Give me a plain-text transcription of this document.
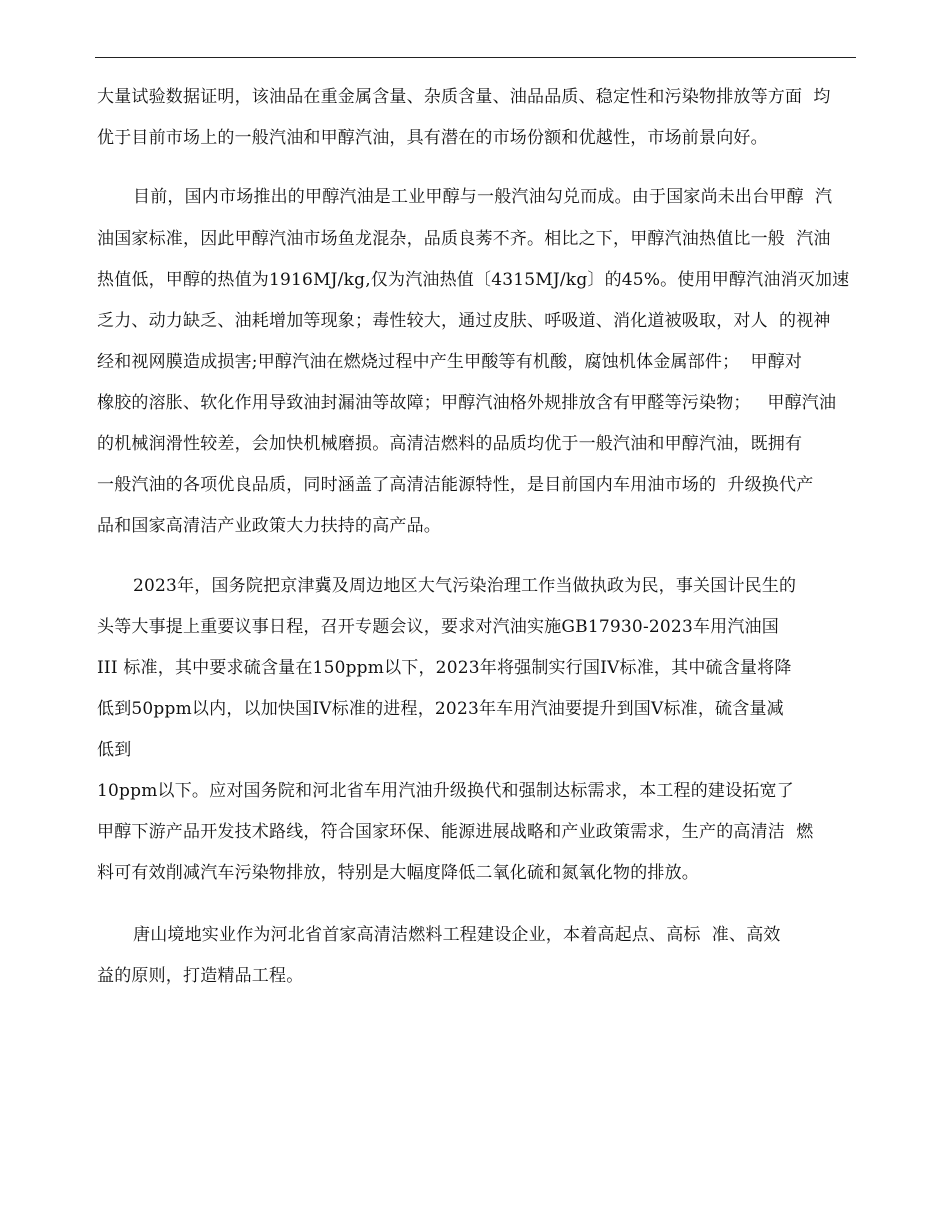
大量试验数据证明，该油品在重金属含量、杂质含量、油品品质、稳定性和污染物排放等方面  均
优于目前市场上的一般汽油和甲醇汽油，具有潜在的市场份额和优越性，市场前景向好。
目前，国内市场推出的甲醇汽油是工业甲醇与一般汽油勾兑而成。由于国家尚未出台甲醇  汽
油国家标准，因此甲醇汽油市场鱼龙混杂，品质良莠不齐。相比之下，甲醇汽油热值比一般  汽油
热值低，甲醇的热值为1916MJ/kg,仅为汽油热值〔4315MJ/kg〕的45%。使用甲醇汽油消灭加速
乏力、动力缺乏、油耗增加等现象；毒性较大，通过皮肤、呼吸道、消化道被吸取，对人  的视神
经和视网膜造成损害;甲醇汽油在燃烧过程中产生甲酸等有机酸，腐蚀机体金属部件；  甲醇对
橡胶的溶胀、软化作用导致油封漏油等故障；甲醇汽油格外规排放含有甲醛等污染物；   甲醇汽油
的机械润滑性较差，会加快机械磨损。高清洁燃料的品质均优于一般汽油和甲醇汽油，既拥有
一般汽油的各项优良品质，同时涵盖了高清洁能源特性，是目前国内车用油市场的  升级换代产
品和国家高清洁产业政策大力扶持的高产品。
2023年，国务院把京津冀及周边地区大气污染治理工作当做执政为民，事关国计民生的
头等大事提上重要议事日程，召开专题会议，要求对汽油实施GB17930-2023车用汽油国
III 标准，其中要求硫含量在150ppm以下，2023年将强制实行国IV标准，其中硫含量将降
低到50ppm以内，以加快国IV标准的进程，2023年车用汽油要提升到国V标准，硫含量减
低到
10ppm以下。应对国务院和河北省车用汽油升级换代和强制达标需求，本工程的建设拓宽了
甲醇下游产品开发技术路线，符合国家环保、能源进展战略和产业政策需求，生产的高清洁  燃
料可有效削减汽车污染物排放，特别是大幅度降低二氧化硫和氮氧化物的排放。
唐山境地实业作为河北省首家高清洁燃料工程建设企业，本着高起点、高标  准、高效
益的原则，打造精品工程。
